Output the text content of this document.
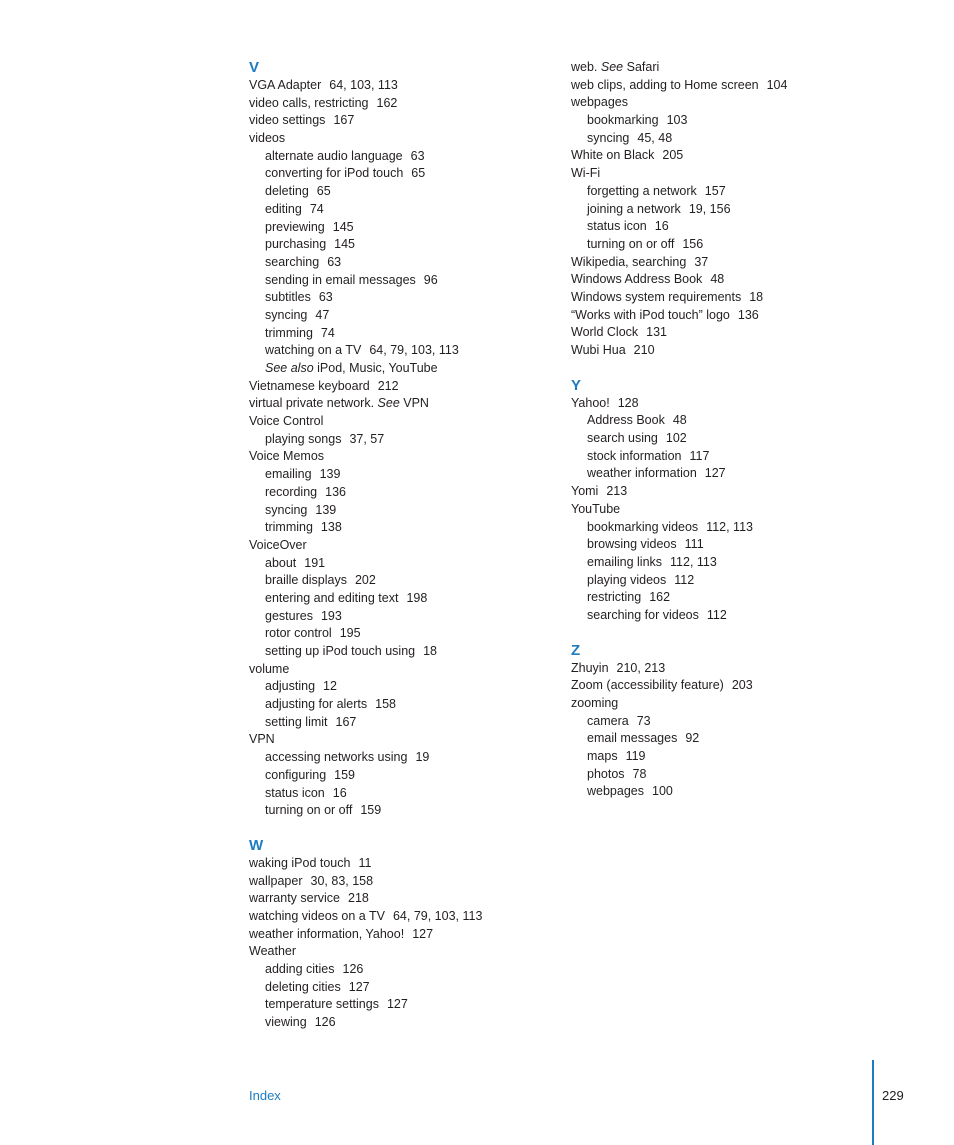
V
VGA Adapter 64, 103, 113
video calls, restricting 162
video settings 167
videos
alternate audio language 63
converting for iPod touch 65
deleting 65
editing 74
previewing 145
purchasing 145
searching 63
sending in email messages 96
subtitles 63
syncing 47
trimming 74
watching on a TV 64, 79, 103, 113
See also iPod, Music, YouTube
Vietnamese keyboard 212
virtual private network. See VPN
Voice Control
playing songs 37, 57
Voice Memos
emailing 139
recording 136
syncing 139
trimming 138
VoiceOver
about 191
braille displays 202
entering and editing text 198
gestures 193
rotor control 195
setting up iPod touch using 18
volume
adjusting 12
adjusting for alerts 158
setting limit 167
VPN
accessing networks using 19
configuring 159
status icon 16
turning on or off 159
W
waking iPod touch 11
wallpaper 30, 83, 158
warranty service 218
watching videos on a TV 64, 79, 103, 113
weather information, Yahoo! 127
Weather
adding cities 126
deleting cities 127
temperature settings 127
viewing 126
web. See Safari
web clips, adding to Home screen 104
webpages
bookmarking 103
syncing 45, 48
White on Black 205
Wi-Fi
forgetting a network 157
joining a network 19, 156
status icon 16
turning on or off 156
Wikipedia, searching 37
Windows Address Book 48
Windows system requirements 18
“Works with iPod touch” logo 136
World Clock 131
Wubi Hua 210
Y
Yahoo! 128
Address Book 48
search using 102
stock information 117
weather information 127
Yomi 213
YouTube
bookmarking videos 112, 113
browsing videos 111
emailing links 112, 113
playing videos 112
restricting 162
searching for videos 112
Z
Zhuyin 210, 213
Zoom (accessibility feature) 203
zooming
camera 73
email messages 92
maps 119
photos 78
webpages 100
Index	229
